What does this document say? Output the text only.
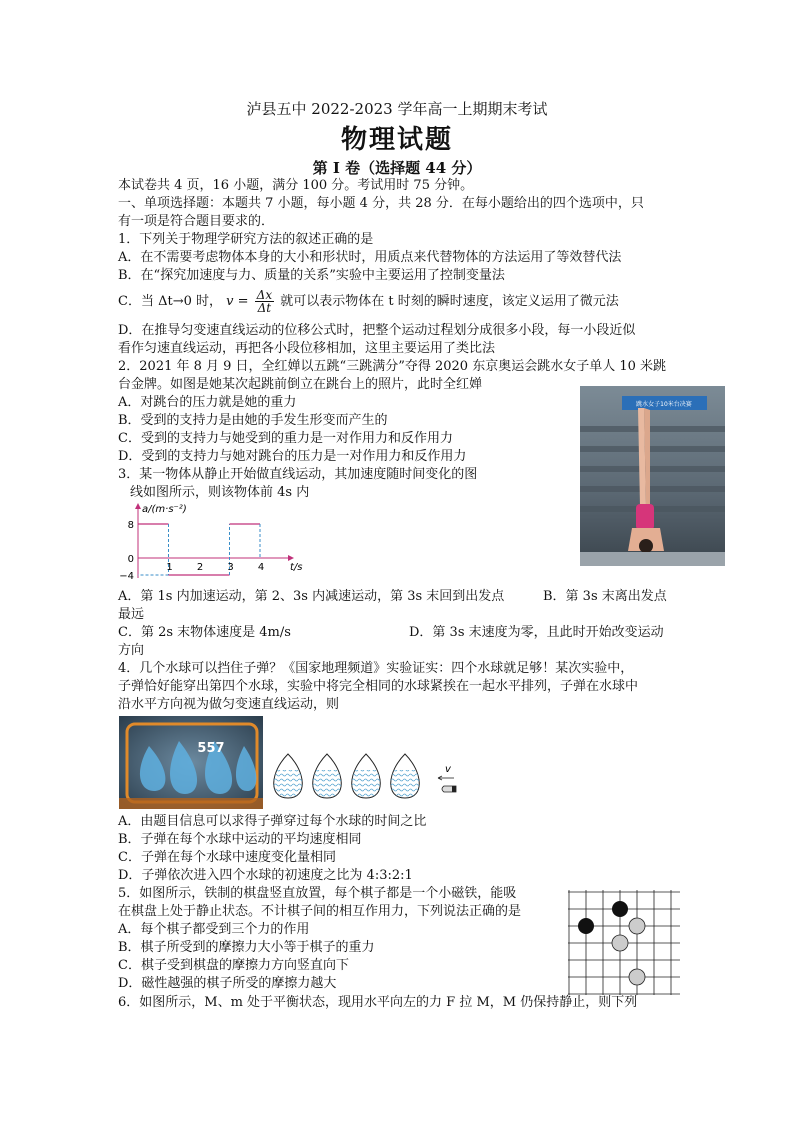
泸县五中 2022-2023 学年高一上期期末考试
物理试题
第 I 卷（选择题 44 分）
本试卷共 4 页，16 小题，满分 100 分。考试用时 75 分钟。
一、单项选择题：本题共 7 小题，每小题 4 分，共 28 分．在每小题给出的四个选项中，只
有一项是符合题目要求的．
1．下列关于物理学研究方法的叙述正确的是
A．在不需要考虑物体本身的大小和形状时，用质点来代替物体的方法运用了等效替代法
B．在“探究加速度与力、质量的关系”实验中主要运用了控制变量法
C．当 Δt→0 时， $v = \frac{\Delta x}{\Delta t}$ 就可以表示物体在 t 时刻的瞬时速度，该定义运用了微元法
D．在推导匀变速直线运动的位移公式时，把整个运动过程划分成很多小段，每一小段近似
看作匀速直线运动，再把各小段位移相加，这里主要运用了类比法
2．2021 年 8 月 9 日，全红婵以五跳“三跳满分”夺得 2020 东京奥运会跳水女子单人 10 米跳
台金牌。如图是她某次起跳前倒立在跳台上的照片，此时全红婵
A．对跳台的压力就是她的重力
B．受到的支持力是由她的手发生形变而产生的
C．受到的支持力与她受到的重力是一对作用力和反作用力
D．受到的支持力与她对跳台的压力是一对作用力和反作用力
跳水女子10米台决赛
3．某一物体从静止开始做直线运动，其加速度随时间变化的图
线如图所示，则该物体前 4s 内
8
0
−4
1 2 3 4
a/(m·s⁻²)
t/s
A．第 1s 内加速运动，第 2、3s 内减速运动，第 3s 末回到出发点	B．第 3s 末离出发点
最远
C．第 2s 末物体速度是 4m/s	D．第 3s 末速度为零，且此时开始改变运动
方向
4．几个水球可以挡住子弹？《国家地理频道》实验证实：四个水球就足够！某次实验中，
子弹恰好能穿出第四个水球，实验中将完全相同的水球紧挨在一起水平排列，子弹在水球中
沿水平方向视为做匀变速直线运动，则
557
v
A．由题目信息可以求得子弹穿过每个水球的时间之比
B．子弹在每个水球中运动的平均速度相同
C．子弹在每个水球中速度变化量相同
D．子弹依次进入四个水球的初速度之比为 4:3:2:1
5．如图所示，铁制的棋盘竖直放置，每个棋子都是一个小磁铁，能吸
在棋盘上处于静止状态。不计棋子间的相互作用力，下列说法正确的是
A．每个棋子都受到三个力的作用
B．棋子所受到的摩擦力大小等于棋子的重力
C．棋子受到棋盘的摩擦力方向竖直向下
D．磁性越强的棋子所受的摩擦力越大
6．如图所示，M、m 处于平衡状态，现用水平向左的力 F 拉 M，M 仍保持静止，则下列
